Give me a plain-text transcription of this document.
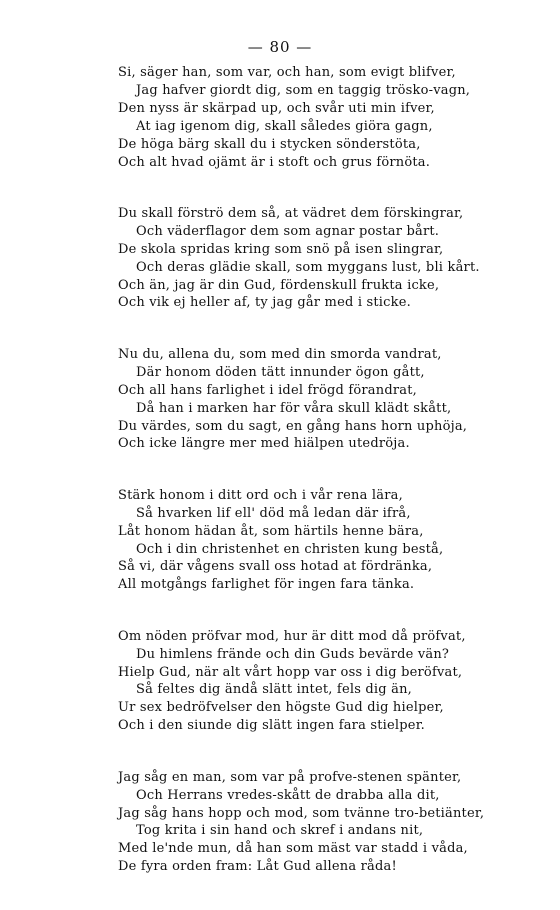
— 80 —
Si, säger han, som var, och han, som evigt blifver,
Jag hafver giordt dig, som en taggig trösko-vagn,
Den nyss är skärpad up, och svår uti min ifver,
At iag igenom dig, skall således giöra gagn,
De höga bärg skall du i stycken sönderstöta,
Och alt hvad ojämt är i stoft och grus förnöta.
Du skall förströ dem så, at vädret dem förskingrar,
Och väderflagor dem som agnar postar bårt.
De skola spridas kring som snö på isen slingrar,
Och deras glädie skall, som myggans lust, bli kårt.
Och än, jag är din Gud, fördenskull frukta icke,
Och vik ej heller af, ty jag går med i sticke.
Nu du, allena du, som med din smorda vandrat,
Där honom döden tätt innunder ögon gått,
Och all hans farlighet i idel frögd förandrat,
Då han i marken har för våra skull klädt skått,
Du värdes, som du sagt, en gång hans horn uphöja,
Och icke längre mer med hiälpen utedröja.
Stärk honom i ditt ord och i vår rena lära,
Så hvarken lif ell' död må ledan där ifrå,
Låt honom hädan åt, som härtils henne bära,
Och i din christenhet en christen kung bestå,
Så vi, där vågens svall oss hotad at fördränka,
All motgångs farlighet för ingen fara tänka.
Om nöden pröfvar mod, hur är ditt mod då pröfvat,
Du himlens frände och din Guds bevärde vän?
Hielp Gud, när alt vårt hopp var oss i dig beröfvat,
Så feltes dig ändå slätt intet, fels dig än,
Ur sex bedröfvelser den högste Gud dig hielper,
Och i den siunde dig slätt ingen fara stielper.
Jag såg en man, som var på profve-stenen spänter,
Och Herrans vredes-skått de drabba alla dit,
Jag såg hans hopp och mod, som tvänne tro-betiänter,
Tog krita i sin hand och skref i andans nit,
Med le'nde mun, då han som mäst var stadd i våda,
De fyra orden fram: Låt Gud allena råda!
